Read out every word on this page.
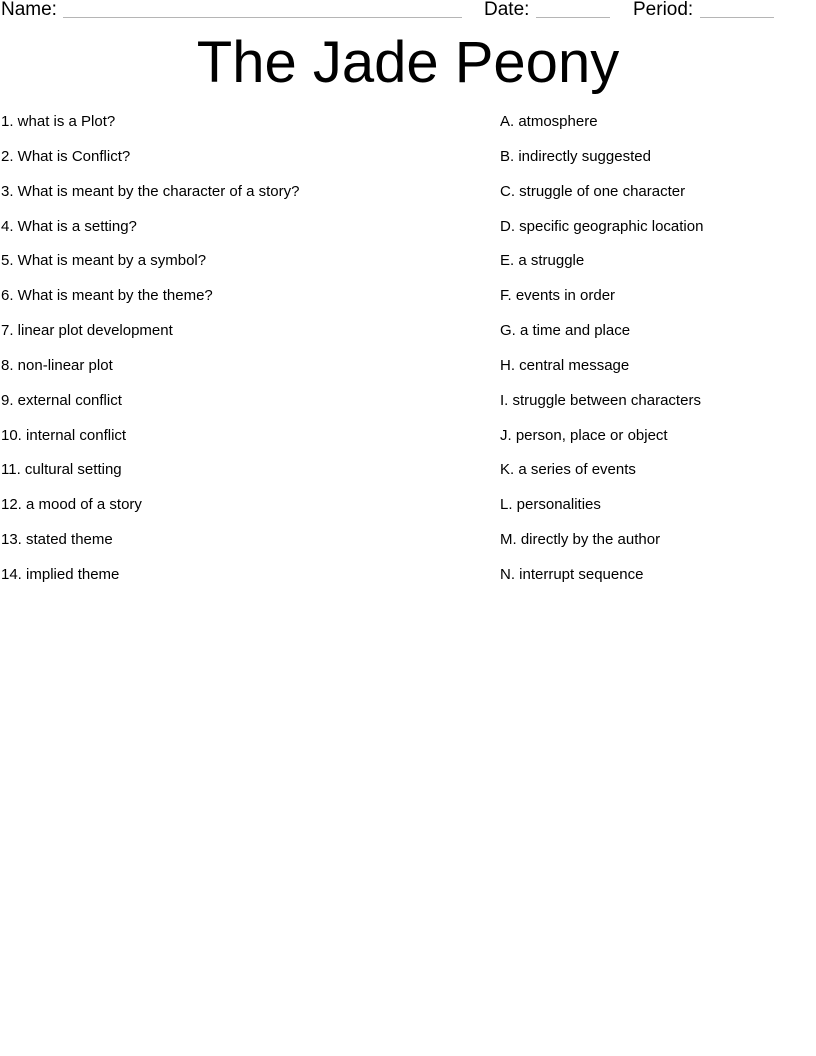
Name:	Date:	Period:
The Jade Peony
1. what is a Plot?
2. What is Conflict?
3. What is meant by the character of a story?
4. What is a setting?
5. What is meant by a symbol?
6. What is meant by the theme?
7. linear plot development
8. non-linear plot
9. external conflict
10. internal conflict
11. cultural setting
12. a mood of a story
13. stated theme
14. implied theme
A. atmosphere
B. indirectly suggested
C. struggle of one character
D. specific geographic location
E. a struggle
F. events in order
G. a time and place
H. central message
I. struggle between characters
J. person, place or object
K. a series of events
L. personalities
M. directly by the author
N. interrupt sequence
